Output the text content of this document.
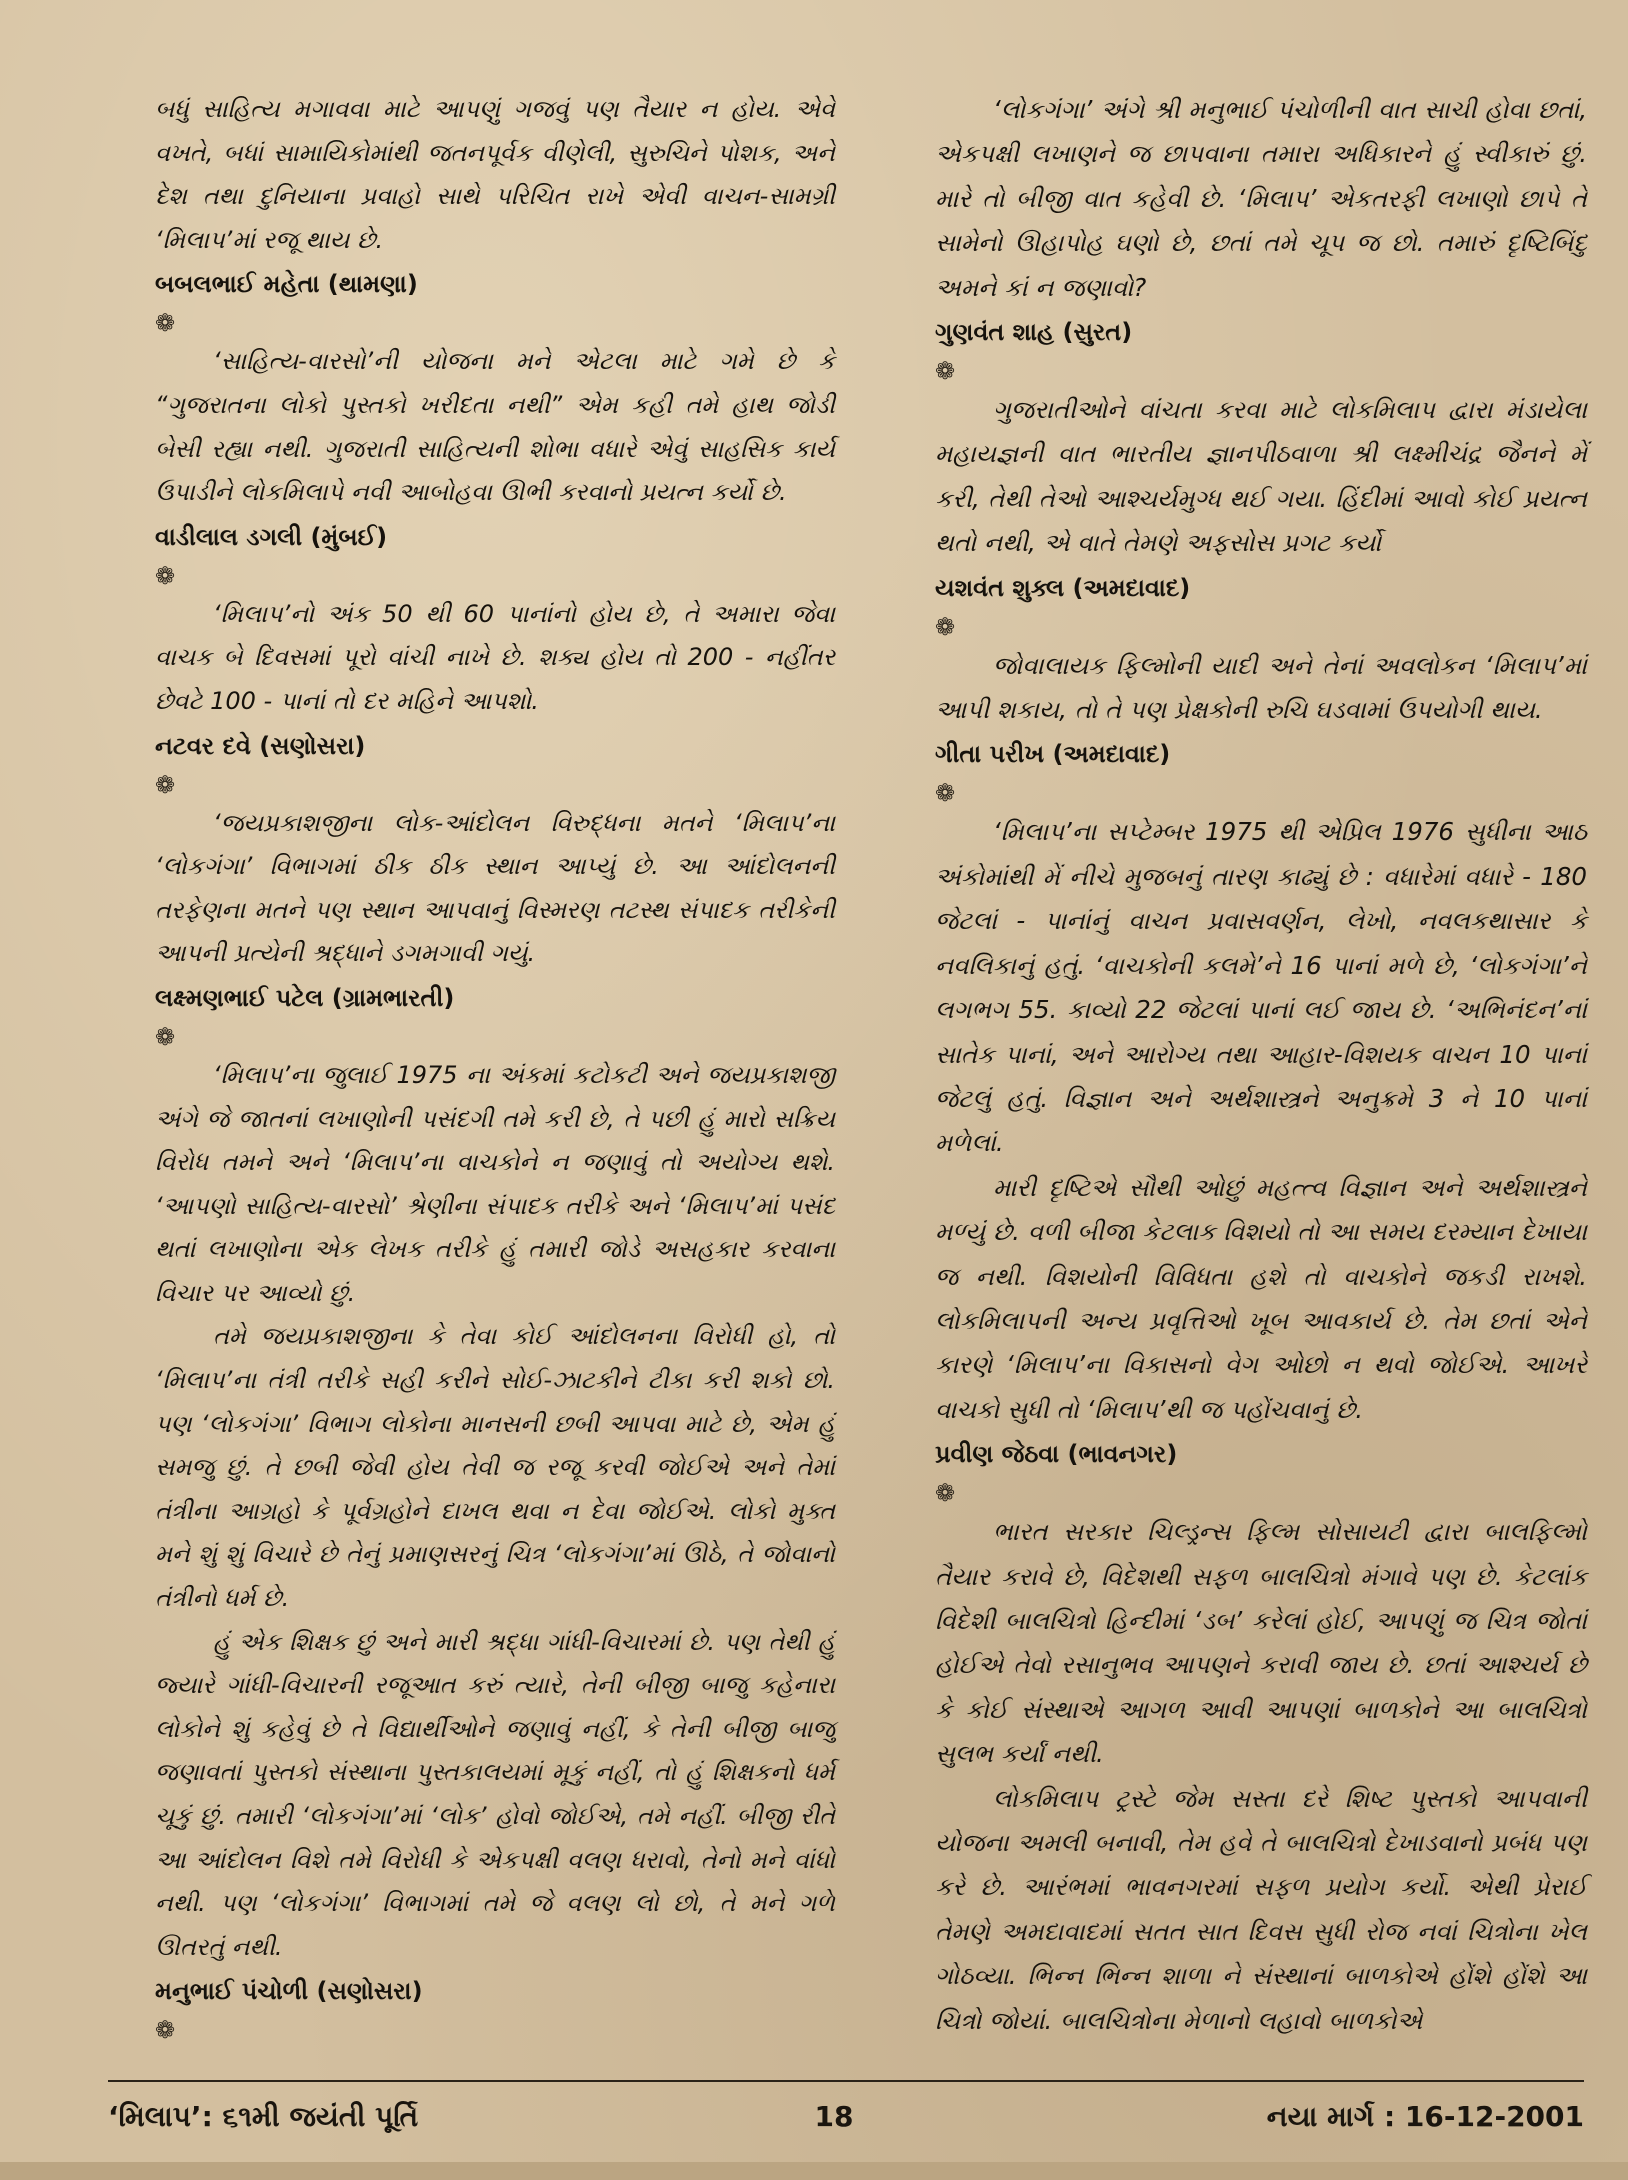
બધું સાહિત્ય મગાવવા માટે આપણું ગજવું પણ તૈયાર ન હોય. એવે વખતે, બધાં સામાયિકોમાંથી જતનપૂર્વક વીણેલી, સુરુચિને પોશક, અને દેશ તથા દુનિયાના પ્રવાહો સાથે પરિચિત રાખે એવી વાચન-સામગ્રી ‘મિલાપ’માં રજૂ થાય છે.

બબલભાઈ મહેતા (થામણા)

❁

‘સાહિત્ય-વારસો’ની યોજના મને એટલા માટે ગમે છે કે “ગુજરાતના લોકો પુસ્તકો ખરીદતા નથી” એમ કહી તમે હાથ જોડી બેસી રહ્યા નથી. ગુજરાતી સાહિત્યની શોભા વધારે એવું સાહસિક કાર્ય ઉપાડીને લોકમિલાપે નવી આબોહવા ઊભી કરવાનો પ્રયત્ન કર્યો છે.

વાડીલાલ ડગલી (મુંબઈ)

❁

‘મિલાપ’નો અંક 50 થી 60 પાનાંનો હોય છે, તે અમારા જેવા વાચક બે દિવસમાં પૂરો વાંચી નાખે છે. શક્ય હોય તો 200 - નહીંતર છેવટે 100 - પાનાં તો દર મહિને આપશો.

નટવર દવે (સણોસરા)

❁

‘જયપ્રકાશજીના લોક-આંદોલન વિરુદ્ધના મતને ‘મિલાપ’ના ‘લોકગંગા’ વિભાગમાં ઠીક ઠીક સ્થાન આપ્યું છે. આ આંદોલનની તરફેણના મતને પણ સ્થાન આપવાનું વિસ્મરણ તટસ્થ સંપાદક તરીકેની આપની પ્રત્યેની શ્રદ્ધાને ડગમગાવી ગયું.

લક્ષ્મણભાઈ પટેલ (ગ્રામભારતી)

❁

‘મિલાપ’ના જુલાઈ 1975 ના અંકમાં કટોકટી અને જયપ્રકાશજી અંગે જે જાતનાં લખાણોની પસંદગી તમે કરી છે, તે પછી હું મારો સક્રિય વિરોધ તમને અને ‘મિલાપ’ના વાચકોને ન જણાવું તો અયોગ્ય થશે. ‘આપણો સાહિત્ય-વારસો’ શ્રેણીના સંપાદક તરીકે અને ‘મિલાપ’માં પસંદ થતાં લખાણોના એક લેખક તરીકે હું તમારી જોડે અસહકાર કરવાના વિચાર પર આવ્યો છું.

તમે જયપ્રકાશજીના કે તેવા કોઈ આંદોલનના વિરોધી હો, તો ‘મિલાપ’ના તંત્રી તરીકે સહી કરીને સોઈ-ઝાટકીને ટીકા કરી શકો છો. પણ ‘લોકગંગા’ વિભાગ લોકોના માનસની છબી આપવા માટે છે, એમ હું સમજુ છું. તે છબી જેવી હોય તેવી જ રજૂ કરવી જોઈએ અને તેમાં તંત્રીના આગ્રહો કે પૂર્વગ્રહોને દાખલ થવા ન દેવા જોઈએ. લોકો મુક્ત મને શું શું વિચારે છે તેનું પ્રમાણસરનું ચિત્ર ‘લોકગંગા’માં ઊઠે, તે જોવાનો તંત્રીનો ધર્મ છે.

હું એક શિક્ષક છું અને મારી શ્રદ્ધા ગાંધી-વિચારમાં છે. પણ તેથી હું જ્યારે ગાંધી-વિચારની રજૂઆત કરું ત્યારે, તેની બીજી બાજુ કહેનારા લોકોને શું કહેવું છે તે વિદ્યાર્થીઓને જણાવું નહીં, કે તેની બીજી બાજુ જણાવતાં પુસ્તકો સંસ્થાના પુસ્તકાલયમાં મૂકું નહીં, તો હું શિક્ષકનો ધર્મ ચૂકું છું. તમારી ‘લોકગંગા’માં ‘લોક’ હોવો જોઈએ, તમે નહીં. બીજી રીતે આ આંદોલન વિશે તમે વિરોધી કે એકપક્ષી વલણ ધરાવો, તેનો મને વાંધો નથી. પણ ‘લોકગંગા’ વિભાગમાં તમે જે વલણ લો છો, તે મને ગળે ઊતરતું નથી.

મનુભાઈ પંચોળી (સણોસરા)

❁

‘લોકગંગા’ અંગે શ્રી મનુભાઈ પંચોળીની વાત સાચી હોવા છતાં, એકપક્ષી લખાણને જ છાપવાના તમારા અધિકારને હું સ્વીકારું છું. મારે તો બીજી વાત કહેવી છે. ‘મિલાપ’ એકતરફી લખાણો છાપે તે સામેનો ઊહાપોહ ઘણો છે, છતાં તમે ચૂપ જ છો. તમારું દૃષ્ટિબિંદુ અમને કાં ન જણાવો?

ગુણવંત શાહ (સુરત)

❁

ગુજરાતીઓને વાંચતા કરવા માટે લોકમિલાપ દ્વારા મંડાયેલા મહાયજ્ઞની વાત ભારતીય જ્ઞાનપીઠવાળા શ્રી લક્ષ્મીચંદ્ર જૈનને મેં કરી, તેથી તેઓ આશ્ચર્યમુગ્ધ થઈ ગયા. હિંદીમાં આવો કોઈ પ્રયત્ન થતો નથી, એ વાતે તેમણે અફસોસ પ્રગટ કર્યો

યશવંત શુક્લ (અમદાવાદ)

❁

જોવાલાયક ફિલ્મોની યાદી અને તેનાં અવલોકન ‘મિલાપ’માં આપી શકાય, તો તે પણ પ્રેક્ષકોની રુચિ ઘડવામાં ઉપયોગી થાય.

ગીતા પરીખ (અમદાવાદ)

❁

‘મિલાપ’ના સપ્ટેમ્બર 1975 થી એપ્રિલ 1976 સુધીના આઠ અંકોમાંથી મેં નીચે મુજબનું તારણ કાઢ્યું છે : વધારેમાં વધારે - 180 જેટલાં - પાનાંનું વાચન પ્રવાસવર્ણન, લેખો, નવલકથાસાર કે નવલિકાનું હતું. ‘વાચકોની કલમે’ને 16 પાનાં મળે છે, ‘લોકગંગા’ને લગભગ 55. કાવ્યો 22 જેટલાં પાનાં લઈ જાય છે. ‘અભિનંદન’નાં સાતેક પાનાં, અને આરોગ્ય તથા આહાર-વિશયક વાચન 10 પાનાં જેટલું હતું. વિજ્ઞાન અને અર્થશાસ્ત્રને અનુક્રમે 3 ને 10 પાનાં મળેલાં.

મારી દૃષ્ટિએ સૌથી ઓછું મહત્ત્વ વિજ્ઞાન અને અર્થશાસ્ત્રને મળ્યું છે. વળી બીજા કેટલાક વિશયો તો આ સમય દરમ્યાન દેખાયા જ નથી. વિશયોની વિવિધતા હશે તો વાચકોને જકડી રાખશે. લોકમિલાપની અન્ય પ્રવૃત્તિઓ ખૂબ આવકાર્ય છે. તેમ છતાં એને કારણે ‘મિલાપ’ના વિકાસનો વેગ ઓછો ન થવો જોઈએ. આખરે વાચકો સુધી તો ‘મિલાપ’થી જ પહોંચવાનું છે.

પ્રવીણ જેઠવા (ભાવનગર)

❁

ભારત સરકાર ચિલ્ડ્રન્સ ફિલ્મ સોસાયટી દ્વારા બાલફિલ્મો તૈયાર કરાવે છે, વિદેશથી સફળ બાલચિત્રો મંગાવે પણ છે. કેટલાંક વિદેશી બાલચિત્રો હિન્દીમાં ‘ડબ’ કરેલાં હોઈ, આપણું જ ચિત્ર જોતાં હોઈએ તેવો રસાનુભવ આપણને કરાવી જાય છે. છતાં આશ્ચર્ય છે કે કોઈ સંસ્થાએ આગળ આવી આપણાં બાળકોને આ બાલચિત્રો સુલભ કર્યાં નથી.

લોકમિલાપ ટ્રસ્ટે જેમ સસ્તા દરે શિષ્ટ પુસ્તકો આપવાની યોજના અમલી બનાવી, તેમ હવે તે બાલચિત્રો દેખાડવાનો પ્રબંધ પણ કરે છે. આરંભમાં ભાવનગરમાં સફળ પ્રયોગ કર્યો. એથી પ્રેરાઈ તેમણે અમદાવાદમાં સતત સાત દિવસ સુધી રોજ નવાં ચિત્રોના ખેલ ગોઠવ્યા. ભિન્ન ભિન્ન શાળા ને સંસ્થાનાં બાળકોએ હોંશે હોંશે આ ચિત્રો જોયાં. બાલચિત્રોના મેળાનો લહાવો બાળકોએ

‘મિલાપ’: ૬૧મી જયંતી પૂર્તિ	18	નયા માર્ગ : 16-12-2001
